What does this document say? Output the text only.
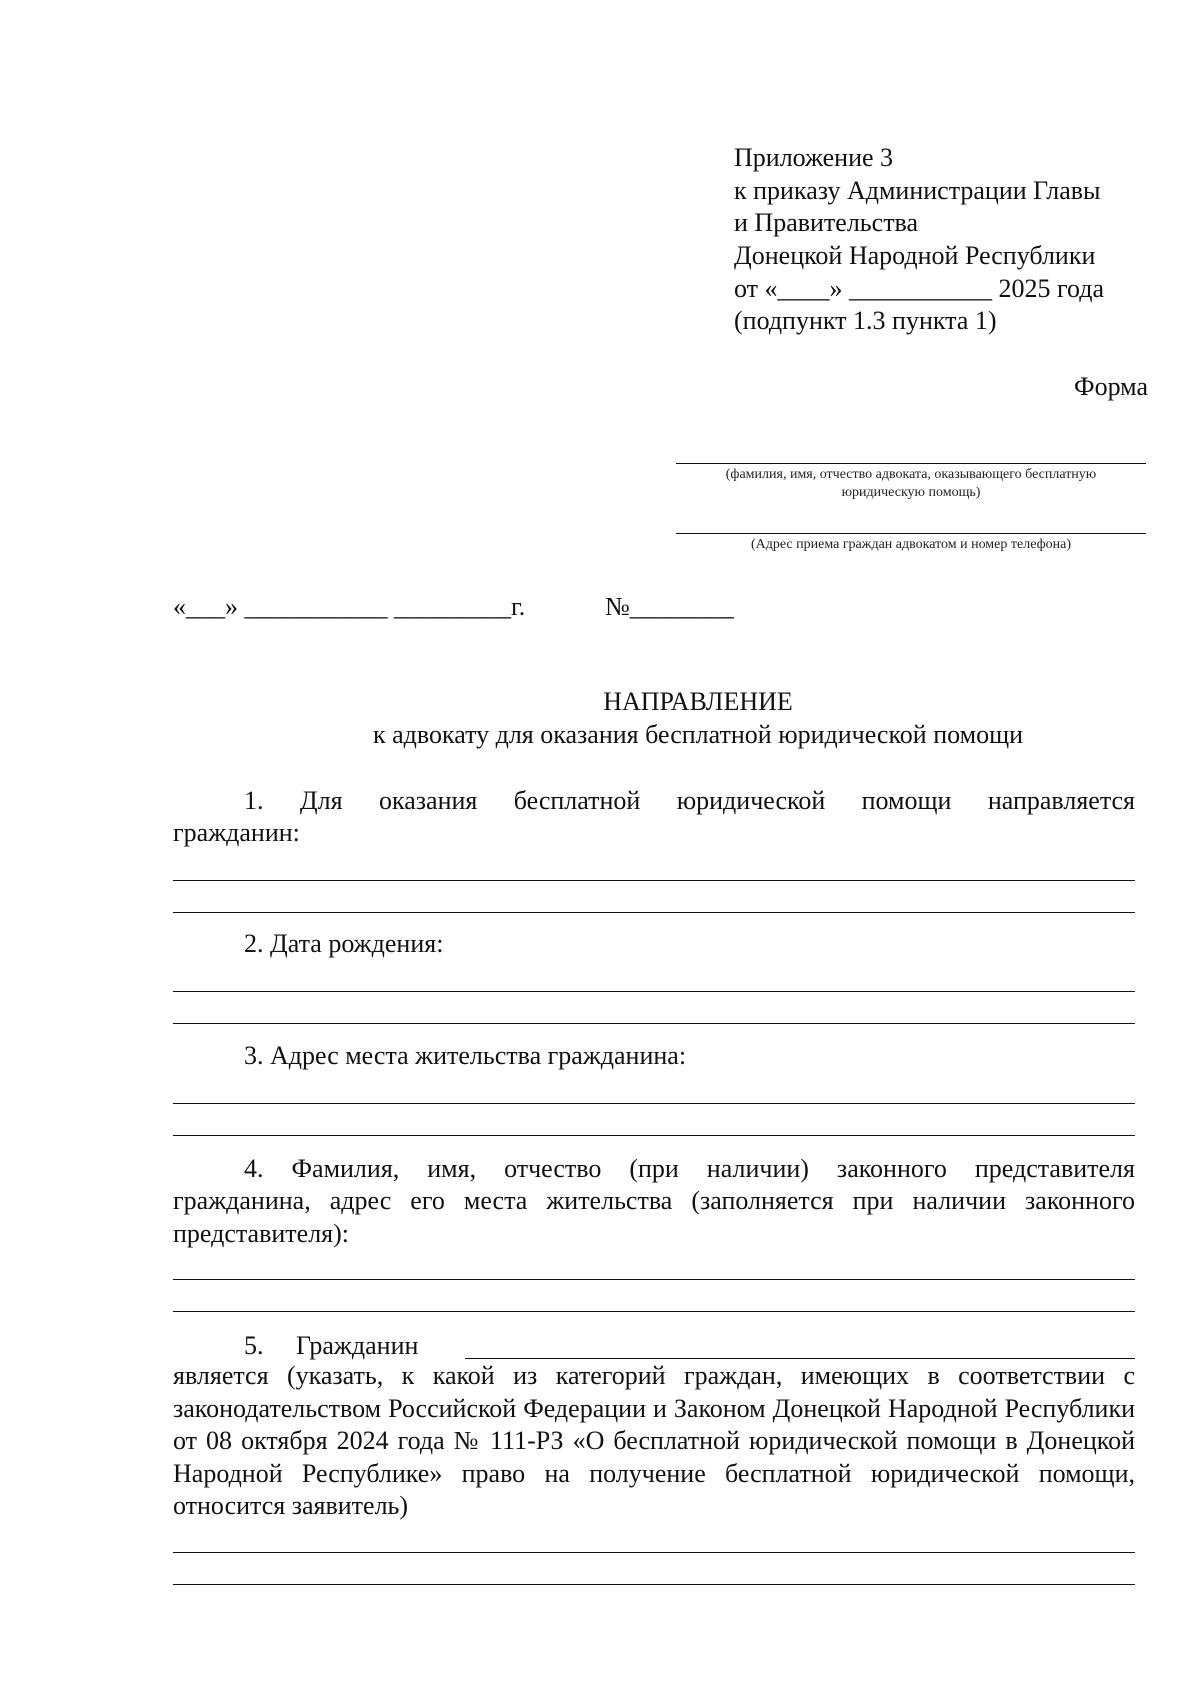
Приложение 3
к приказу Администрации Главы
и Правительства
Донецкой Народной Республики
от «____» ___________ 2025 года
(подпункт 1.3 пункта 1)
Форма
(фамилия, имя, отчество адвоката, оказывающего бесплатную
юридическую помощь)
(Адрес приема граждан адвокатом и номер телефона)
«___» ___________ _________г.	№________
НАПРАВЛЕНИЕ
к адвокату для оказания бесплатной юридической помощи
1. Для оказания бесплатной юридической помощи направляется
гражданин:
2. Дата рождения:
3. Адрес места жительства гражданина:
4. Фамилия, имя, отчество (при наличии) законного представителя
гражданина, адрес его места жительства (заполняется при наличии законного
представителя):
5. Гражданин
является (указать, к какой из категорий граждан, имеющих в соответствии с законодательством Российской Федерации и Законом Донецкой Народной Республики от 08 октября 2024 года № 111-РЗ «О бесплатной юридической помощи в Донецкой Народной Республике» право на получение бесплатной юридической помощи, относится заявитель)
